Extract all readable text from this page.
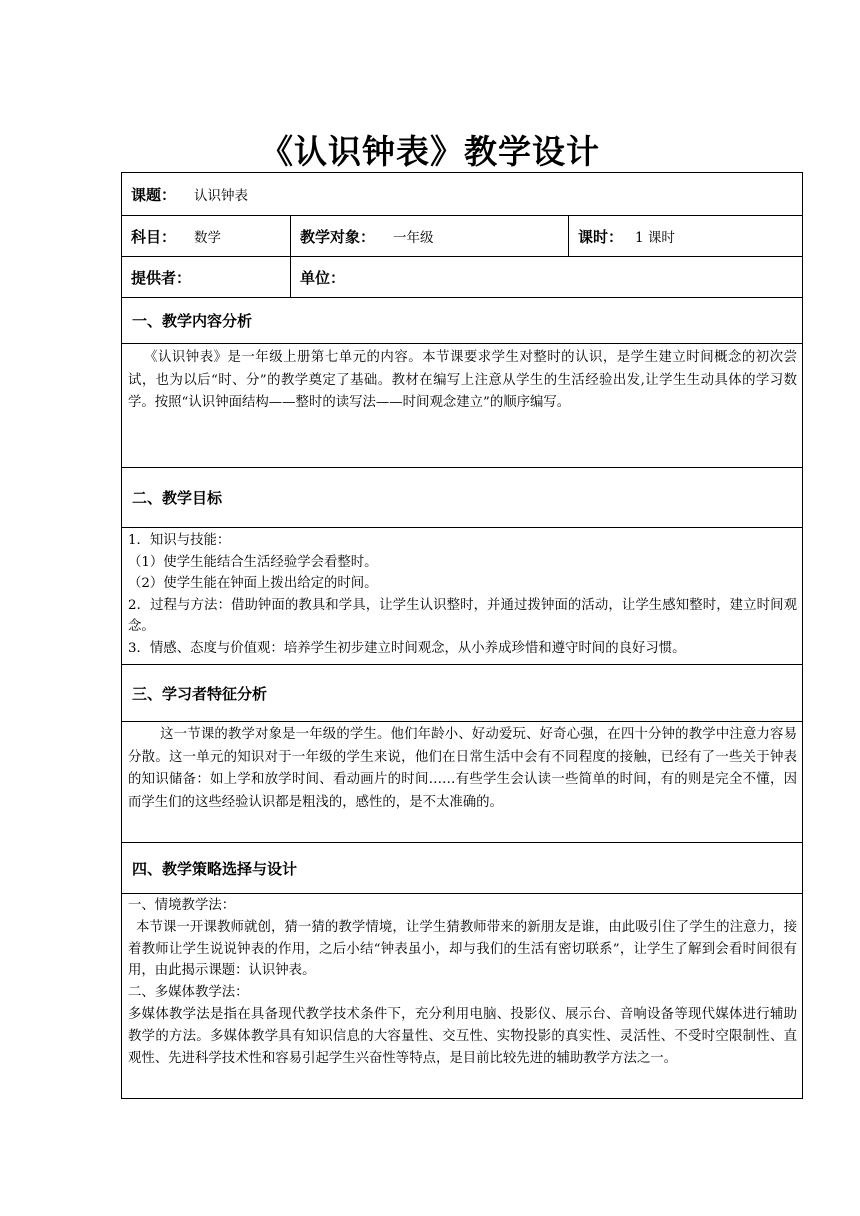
《认识钟表》教学设计
课题： 认识钟表
科目： 数学	教学对象： 一年级	课时： 1 课时
提供者：	单位：
一、教学内容分析

《认识钟表》是一年级上册第七单元的内容。本节课要求学生对整时的认识，是学生建立时间概念的初次尝试，也为以后“时、分”的教学奠定了基础。教材在编写上注意从学生的生活经验出发,让学生生动具体的学习数学。按照“认识钟面结构——整时的读写法——时间观念建立”的顺序编写。

二、教学目标

1．知识与技能：

（1）使学生能结合生活经验学会看整时。

（2）使学生能在钟面上拨出给定的时间。

2．过程与方法：借助钟面的教具和学具，让学生认识整时，并通过拨钟面的活动，让学生感知整时，建立时间观念。

3．情感、态度与价值观：培养学生初步建立时间观念，从小养成珍惜和遵守时间的良好习惯。

三、学习者特征分析

这一节课的教学对象是一年级的学生。他们年龄小、好动爱玩、好奇心强，在四十分钟的教学中注意力容易分散。这一单元的知识对于一年级的学生来说，他们在日常生活中会有不同程度的接触，已经有了一些关于钟表的知识储备：如上学和放学时间、看动画片的时间……有些学生会认读一些简单的时间，有的则是完全不懂，因而学生们的这些经验认识都是粗浅的，感性的，是不太准确的。

四、教学策略选择与设计

一、情境教学法：

本节课一开课教师就创，猜一猜的教学情境，让学生猜教师带来的新朋友是谁，由此吸引住了学生的注意力，接着教师让学生说说钟表的作用，之后小结“钟表虽小，却与我们的生活有密切联系”，让学生了解到会看时间很有用，由此揭示课题：认识钟表。

二、多媒体教学法：

多媒体教学法是指在具备现代教学技术条件下，充分利用电脑、投影仪、展示台、音响设备等现代媒体进行辅助教学的方法。多媒体教学具有知识信息的大容量性、交互性、实物投影的真实性、灵活性、不受时空限制性、直观性、先进科学技术性和容易引起学生兴奋性等特点，是目前比较先进的辅助教学方法之一。
